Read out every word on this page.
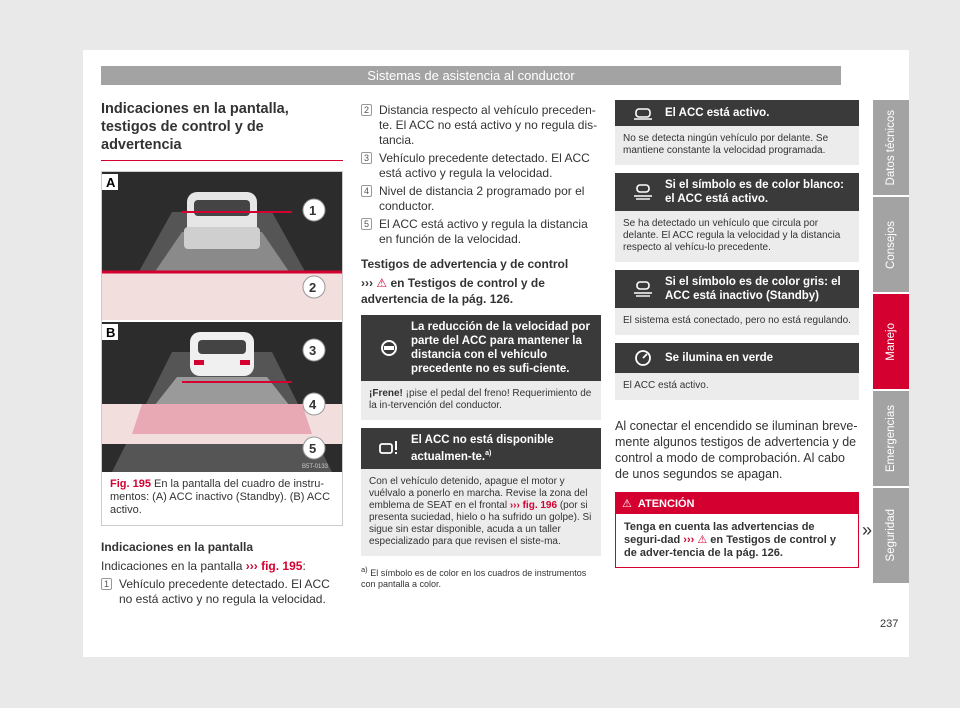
Sistemas de asistencia al conductor
Indicaciones en la pantalla, testigos de control y de advertencia
A
1
2
B
3
4
5
B5T-0133
Fig. 195 En la pantalla del cuadro de instru-mentos: (A) ACC inactivo (Standby). (B) ACC activo.
Indicaciones en la pantalla
Indicaciones en la pantalla ››› fig. 195:
1 Vehículo precedente detectado. El ACC no está activo y no regula la velocidad.
2 Distancia respecto al vehículo preceden-te. El ACC no está activo y no regula dis-tancia.
3 Vehículo precedente detectado. El ACC está activo y regula la velocidad.
4 Nivel de distancia 2 programado por el conductor.
5 El ACC está activo y regula la distancia en función de la velocidad.
Testigos de advertencia y de control
››› ⚠ en Testigos de control y de advertencia de la pág. 126.
La reducción de la velocidad por parte del ACC para mantener la distancia con el vehículo precedente no es sufi-ciente.
¡Frene! ¡pise el pedal del freno! Requerimiento de la in-tervención del conductor.
El ACC no está disponible actualmen-te.$^{a)}$
Con el vehículo detenido, apague el motor y vuélvalo a ponerlo en marcha. Revise la zona del emblema de SEAT en el frontal ››› fig. 196 (por si presenta suciedad, hielo o ha sufrido un golpe). Si sigue sin estar disponible, acuda a un taller especializado para que revisen el siste-ma.
$^{a)}$ El símbolo es de color en los cuadros de instrumentos con pantalla a color.
El ACC está activo.
No se detecta ningún vehículo por delante. Se mantiene constante la velocidad programada.
Si el símbolo es de color blanco: el ACC está activo.
Se ha detectado un vehículo que circula por delante. El ACC regula la velocidad y la distancia respecto al vehícu-lo precedente.
Si el símbolo es de color gris: el ACC está inactivo (Standby)
El sistema está conectado, pero no está regulando.
Se ilumina en verde
El ACC está activo.
Al conectar el encendido se iluminan breve-mente algunos testigos de advertencia y de control a modo de comprobación. Al cabo de unos segundos se apagan.
⚠ ATENCIÓN
Tenga en cuenta las advertencias de seguri-dad ››› ⚠ en Testigos de control y de adver-tencia de la pág. 126.
»
Datos técnicos
Consejos
Manejo
Emergencias
Seguridad
237
